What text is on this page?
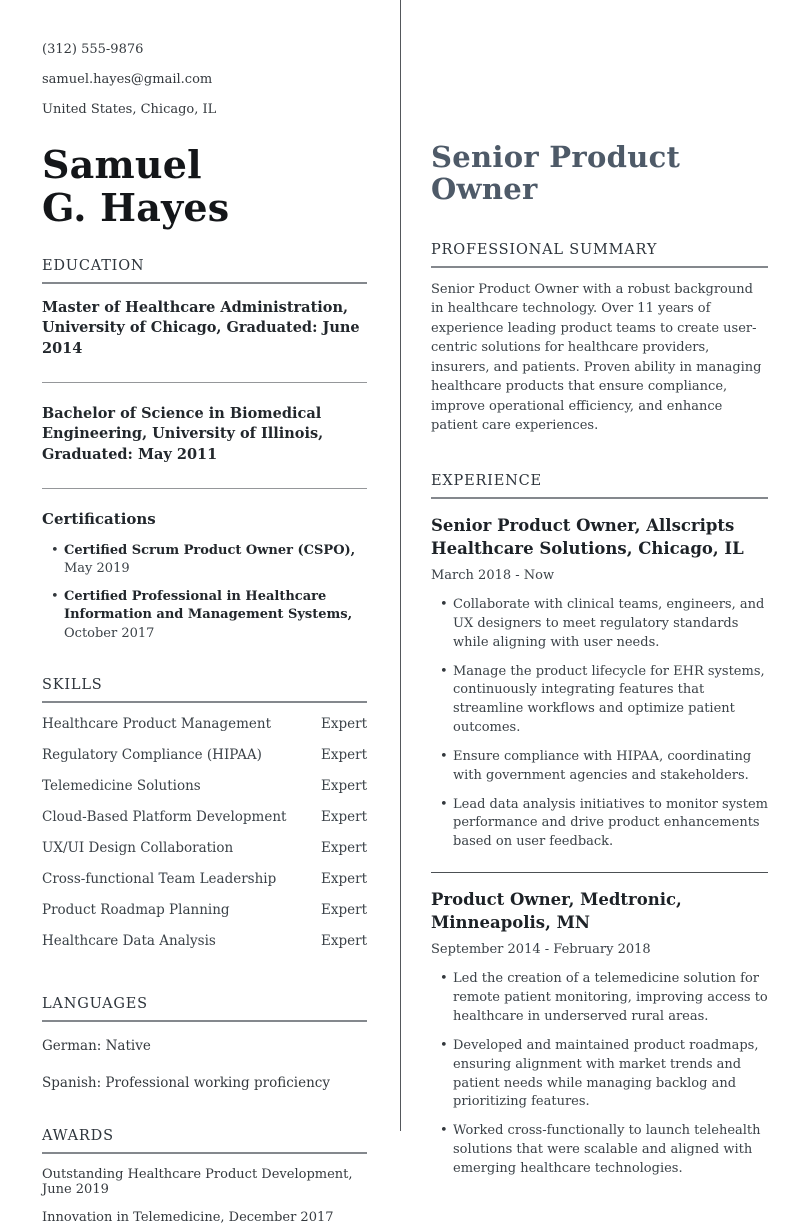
(312) 555-9876
samuel.hayes@gmail.com
United States, Chicago, IL
Samuel
G. Hayes
EDUCATION
Master of Healthcare Administration, University of Chicago, Graduated: June 2014
Bachelor of Science in Biomedical Engineering, University of Illinois, Graduated: May 2011
Certifications
• Certified Scrum Product Owner (CSPO), May 2019
• Certified Professional in Healthcare Information and Management Systems, October 2017
SKILLS
Healthcare Product Management	Expert
Regulatory Compliance (HIPAA)	Expert
Telemedicine Solutions	Expert
Cloud-Based Platform Development	Expert
UX/UI Design Collaboration	Expert
Cross-functional Team Leadership	Expert
Product Roadmap Planning	Expert
Healthcare Data Analysis	Expert
LANGUAGES
German: Native
Spanish: Professional working proficiency
AWARDS
Outstanding Healthcare Product Development, June 2019
Innovation in Telemedicine, December 2017
Senior Product Owner
PROFESSIONAL SUMMARY
Senior Product Owner with a robust background in healthcare technology. Over 11 years of experience leading product teams to create user-centric solutions for healthcare providers, insurers, and patients. Proven ability in managing healthcare products that ensure compliance, improve operational efficiency, and enhance patient care experiences.
EXPERIENCE
Senior Product Owner, Allscripts Healthcare Solutions, Chicago, IL
March 2018 - Now
• Collaborate with clinical teams, engineers, and UX designers to meet regulatory standards while aligning with user needs.
• Manage the product lifecycle for EHR systems, continuously integrating features that streamline workflows and optimize patient outcomes.
• Ensure compliance with HIPAA, coordinating with government agencies and stakeholders.
• Lead data analysis initiatives to monitor system performance and drive product enhancements based on user feedback.
Product Owner, Medtronic, Minneapolis, MN
September 2014 - February 2018
• Led the creation of a telemedicine solution for remote patient monitoring, improving access to healthcare in underserved rural areas.
• Developed and maintained product roadmaps, ensuring alignment with market trends and patient needs while managing backlog and prioritizing features.
• Worked cross-functionally to launch telehealth solutions that were scalable and aligned with emerging healthcare technologies.
